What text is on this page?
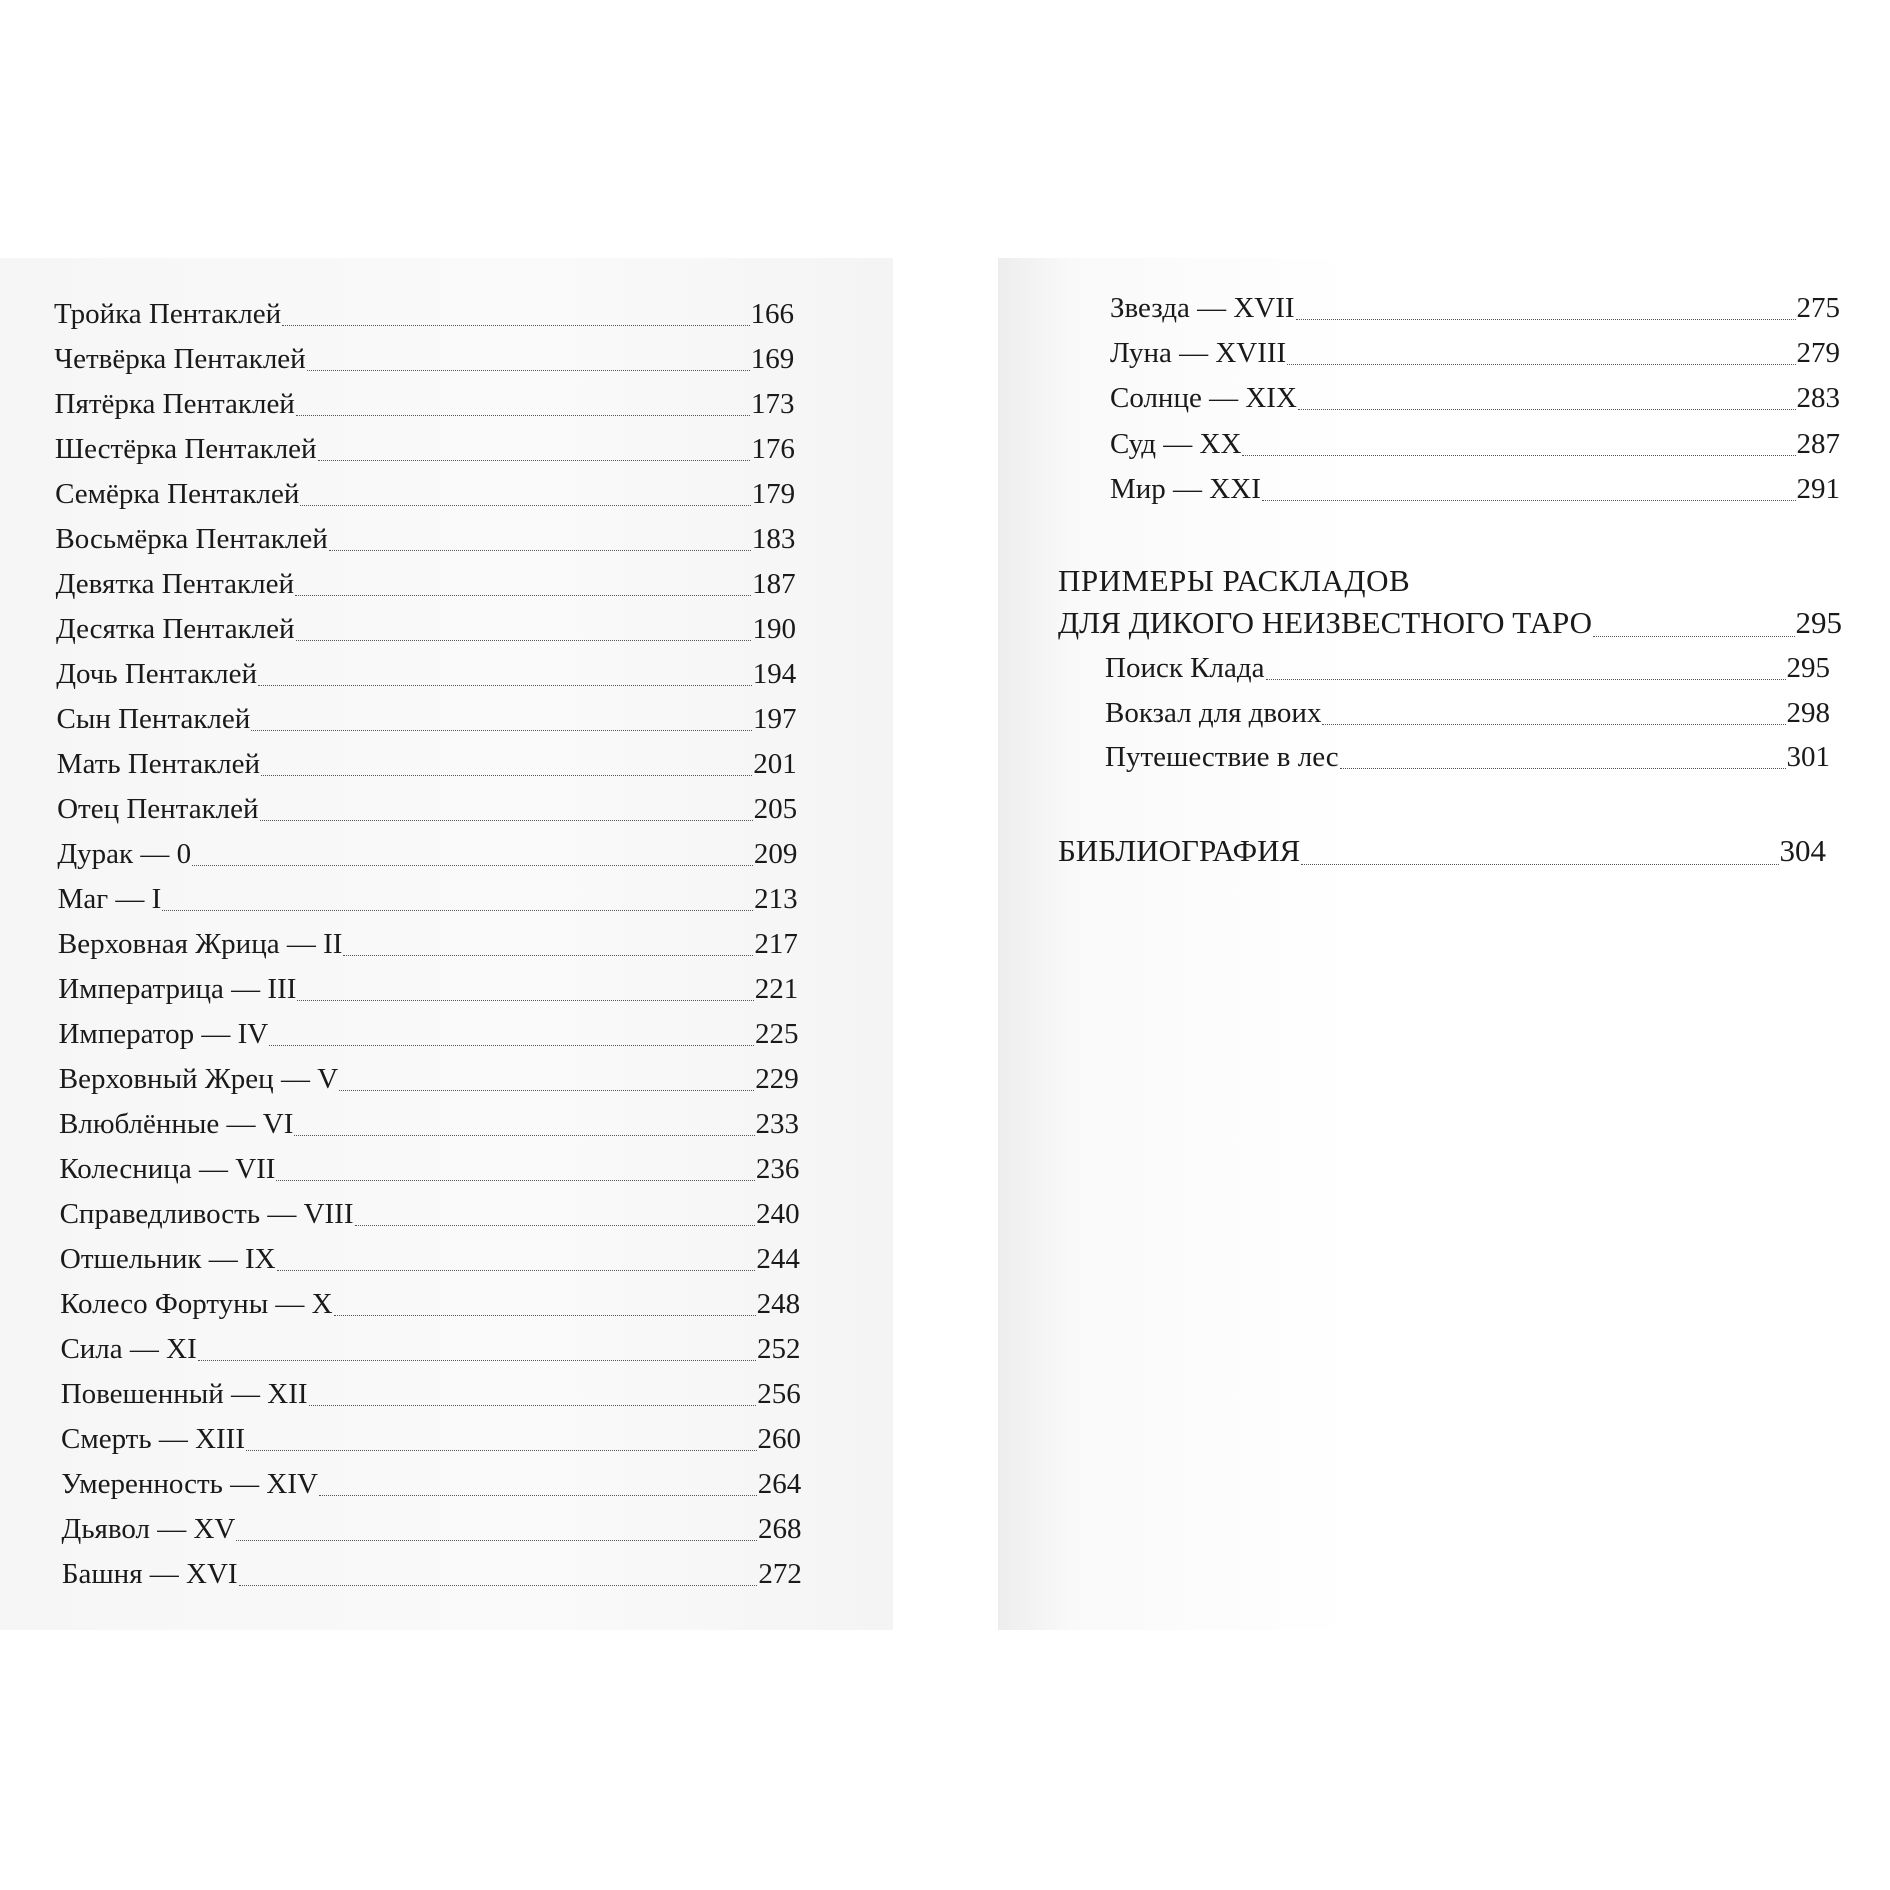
Тройка Пентаклей	166
Четвёрка Пентаклей	169
Пятёрка Пентаклей	173
Шестёрка Пентаклей	176
Семёрка Пентаклей	179
Восьмёрка Пентаклей	183
Девятка Пентаклей	187
Десятка Пентаклей	190
Дочь Пентаклей	194
Сын Пентаклей	197
Мать Пентаклей	201
Отец Пентаклей	205
Дурак — 0	209
Маг — I	213
Верховная Жрица — II	217
Императрица — III	221
Император — IV	225
Верховный Жрец — V	229
Влюблённые — VI	233
Колесница — VII	236
Справедливость — VIII	240
Отшельник — IX	244
Колесо Фортуны — X	248
Сила — XI	252
Повешенный — XII	256
Смерть — XIII	260
Умеренность — XIV	264
Дьявол — XV	268
Башня — XVI	272
Звезда — XVII	275
Луна — XVIII	279
Солнце — XIX	283
Суд — XX	287
Мир — XXI	291
ПРИМЕРЫ РАСКЛАДОВ
ДЛЯ ДИКОГО НЕИЗВЕСТНОГО ТАРО	295
Поиск Клада	295
Вокзал для двоих	298
Путешествие в лес	301
БИБЛИОГРАФИЯ	304
